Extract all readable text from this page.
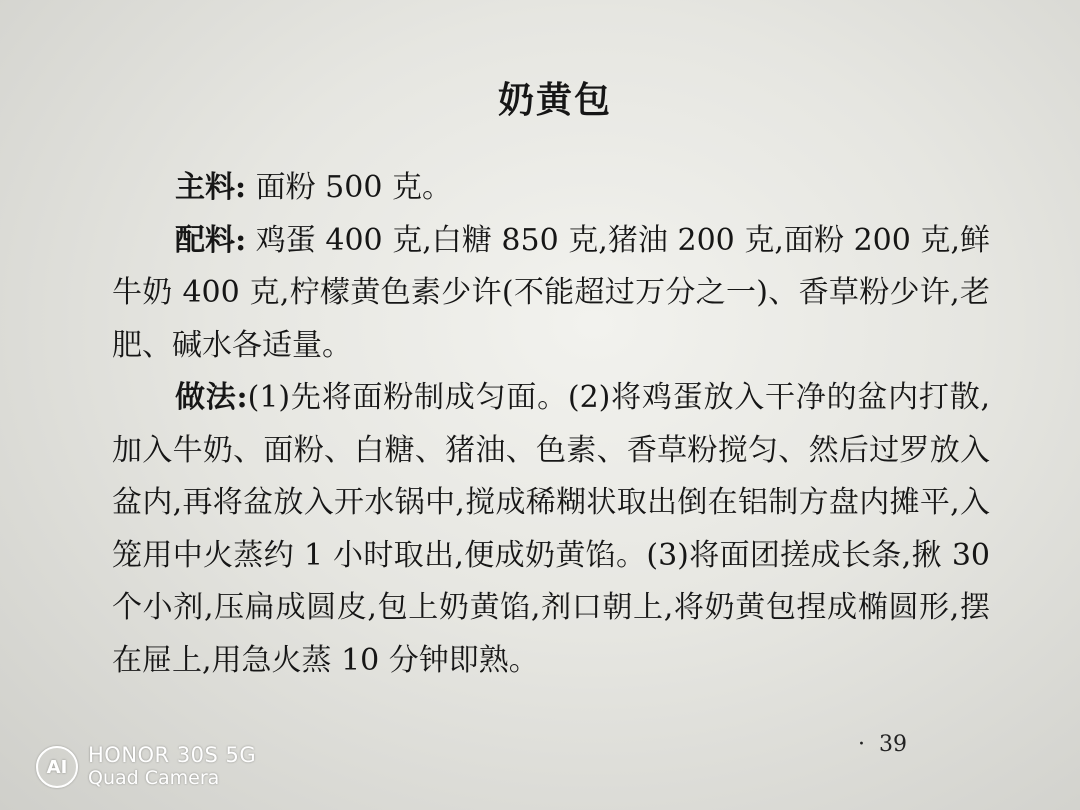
奶黄包

主料: 面粉 500 克。

配料: 鸡蛋 400 克,白糖 850 克,猪油 200 克,面粉 200 克,鲜牛奶 400 克,柠檬黄色素少许(不能超过万分之一)、香草粉少许,老肥、碱水各适量。

做法:(1)先将面粉制成匀面。(2)将鸡蛋放入干净的盆内打散,加入牛奶、面粉、白糖、猪油、色素、香草粉搅匀、然后过罗放入盆内,再将盆放入开水锅中,搅成稀糊状取出倒在铝制方盘内摊平,入笼用中火蒸约 1 小时取出,便成奶黄馅。(3)将面团搓成长条,揪 30 个小剂,压扁成圆皮,包上奶黄馅,剂口朝上,将奶黄包捏成椭圆形,摆在屉上,用急火蒸 10 分钟即熟。

· 39
AI HONOR 30S 5G
Quad Camera
